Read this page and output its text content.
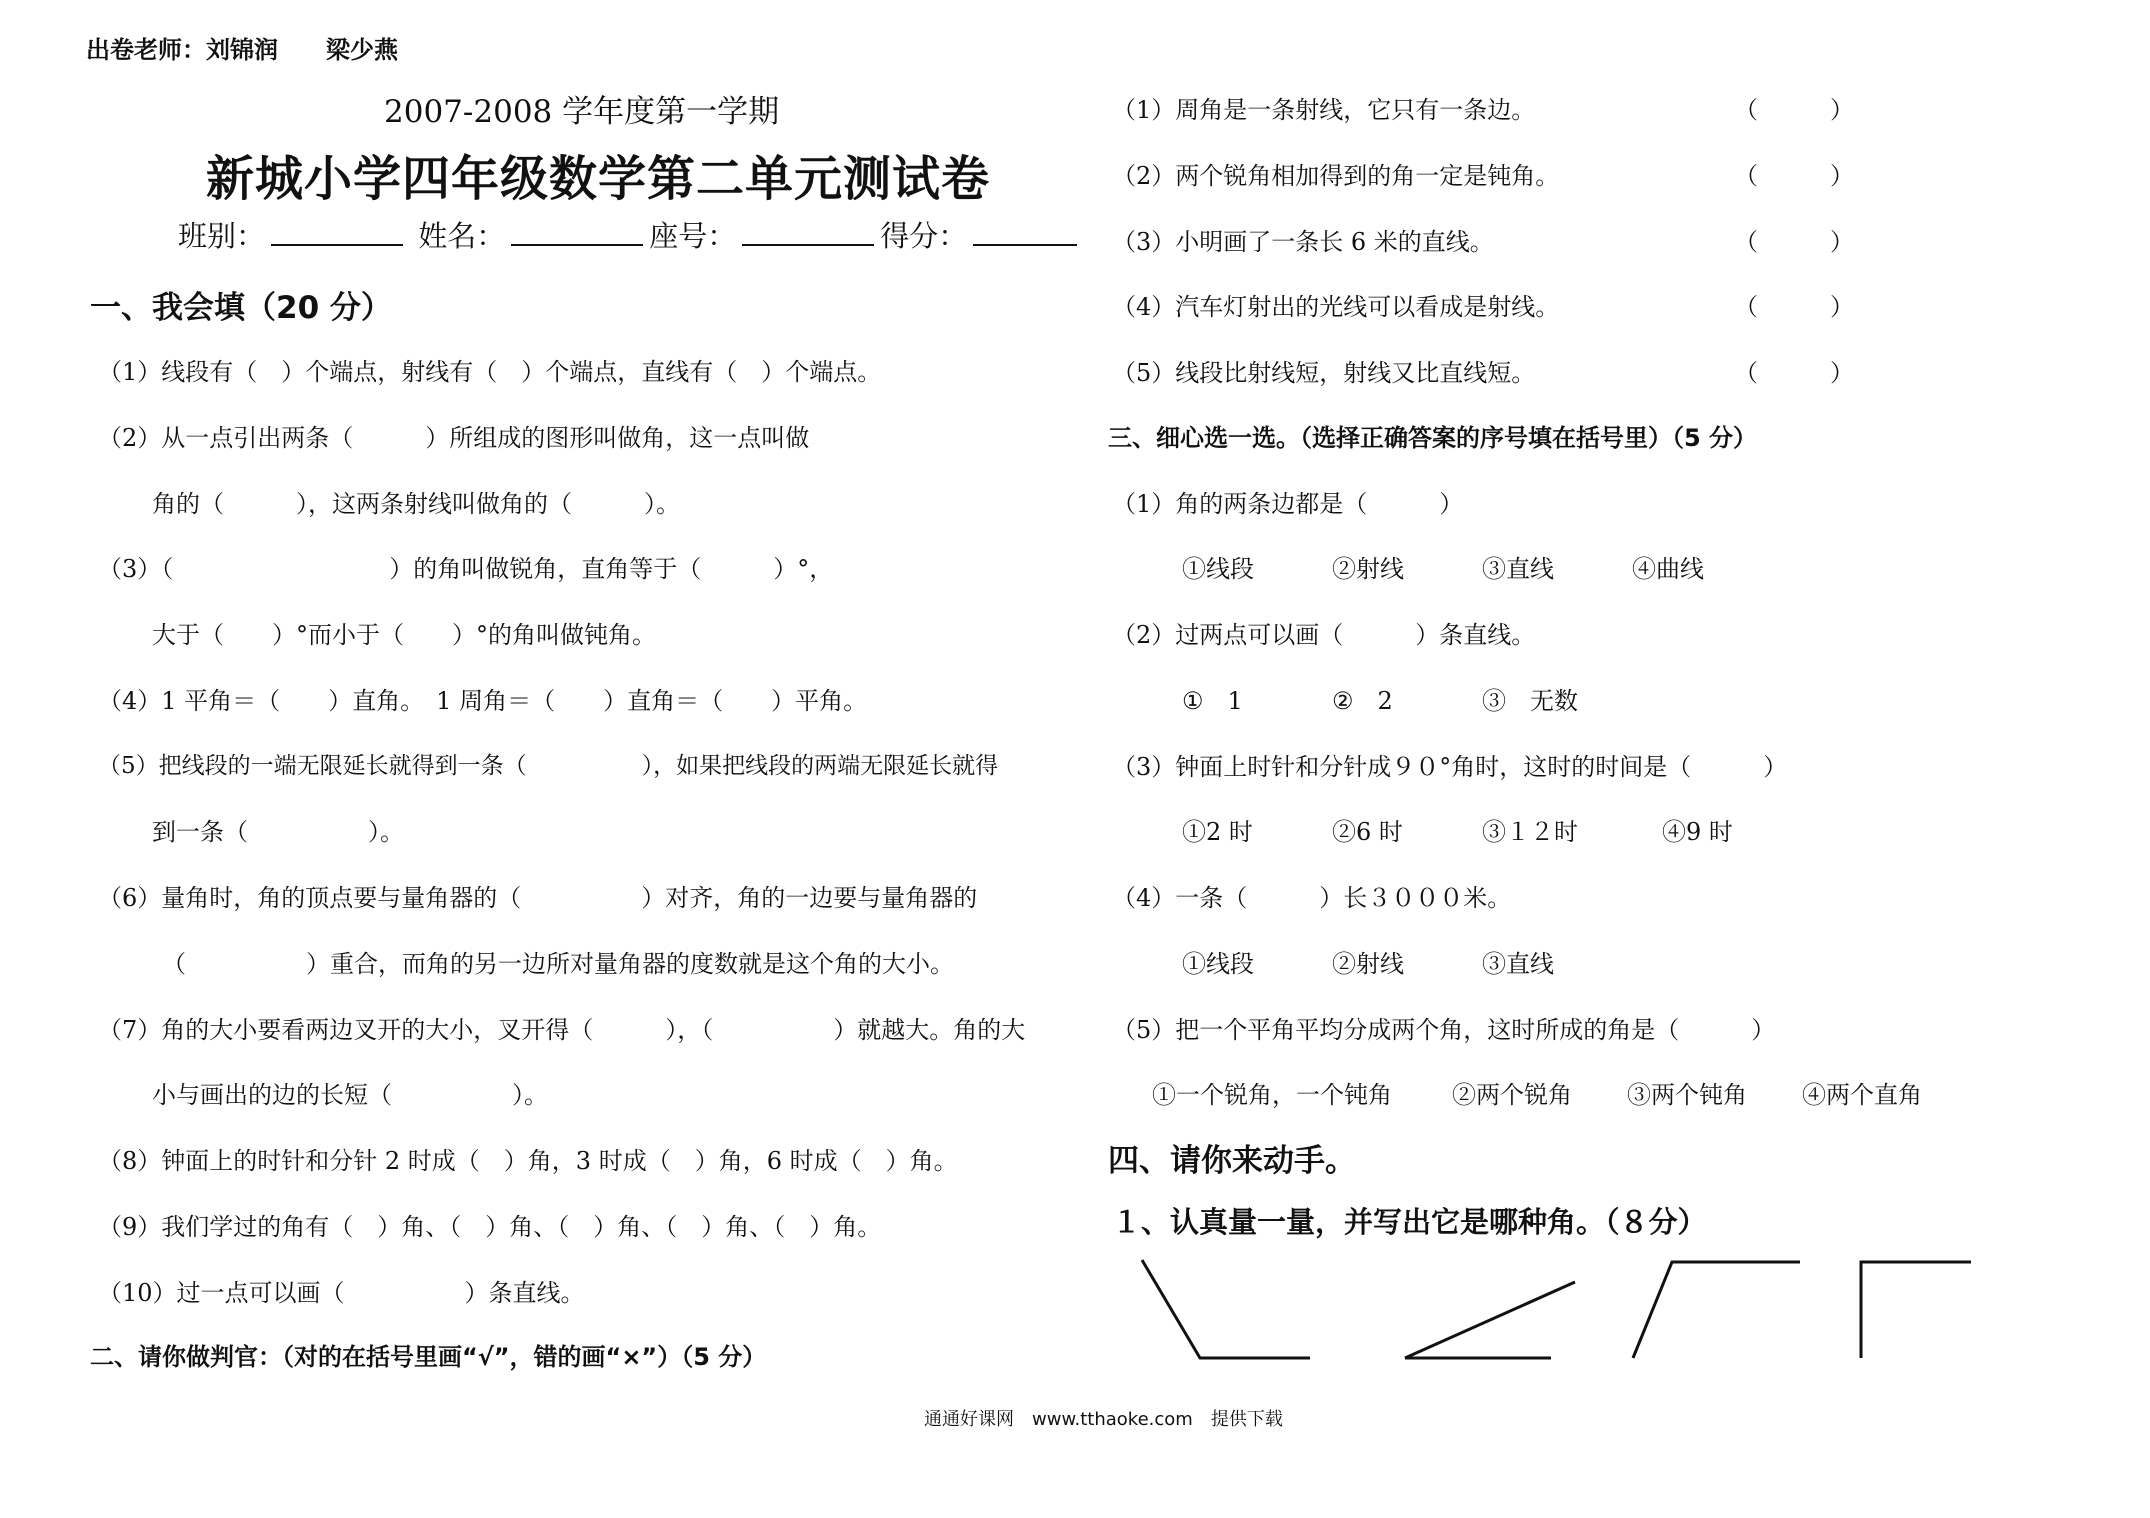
出卷老师：刘锦润　　梁少燕
2007-2008 学年度第一学期
新城小学四年级数学第二单元测试卷
班别：	姓名：	座号：	得分：
一、我会填（20 分）
（1）线段有（　）个端点，射线有（　）个端点，直线有（　）个端点。
（2）从一点引出两条（　　　）所组成的图形叫做角，这一点叫做
角的（　　　），这两条射线叫做角的（　　　）。
（3）（　　　　　　　　　）的角叫做锐角，直角等于（　　　）°，
大于（　　）°而小于（　　）°的角叫做钝角。
（4）1 平角＝（　　）直角。　1 周角＝（　　）直角＝（　　）平角。
（5）把线段的一端无限延长就得到一条（　　　　　），如果把线段的两端无限延长就得
到一条（　　　　　）。
（6）量角时，角的顶点要与量角器的（　　　　　）对齐，角的一边要与量角器的
（　　　　　）重合，而角的另一边所对量角器的度数就是这个角的大小。
（7）角的大小要看两边叉开的大小，叉开得（　　　），（　　　　　）就越大。角的大
小与画出的边的长短（　　　　　）。
（8）钟面上的时针和分针 2 时成（　）角，3 时成（　）角，6 时成（　）角。
（9）我们学过的角有（　）角、（　）角、（　）角、（　）角、（　）角。
（10）过一点可以画（　　　　　）条直线。
二、请你做判官：（对的在括号里画“√”，错的画“×”）（5 分）
（1）周角是一条射线，它只有一条边。	（　　　）
（2）两个锐角相加得到的角一定是钝角。	（　　　）
（3）小明画了一条长 6 米的直线。	（　　　）
（4）汽车灯射出的光线可以看成是射线。	（　　　）
（5）线段比射线短，射线又比直线短。	（　　　）
三、细心选一选。（选择正确答案的序号填在括号里）（5 分）
（1）角的两条边都是（　　　）
①线段	②射线	③直线	④曲线
（2）过两点可以画（　　　）条直线。
①　1	②　2	③　无数
（3）钟面上时针和分针成９０°角时，这时的时间是（　　　）
①2 时	②6 时	③１２时	④9 时
（4）一条（　　　）长３０００米。
①线段	②射线	③直线
（5）把一个平角平均分成两个角，这时所成的角是（　　　）
①一个锐角，一个钝角	②两个锐角 ③两个钝角 ④两个直角
四、请你来动手。
１、认真量一量，并写出它是哪种角。（８分）
通通好课网　www.tthaoke.com　提供下载
